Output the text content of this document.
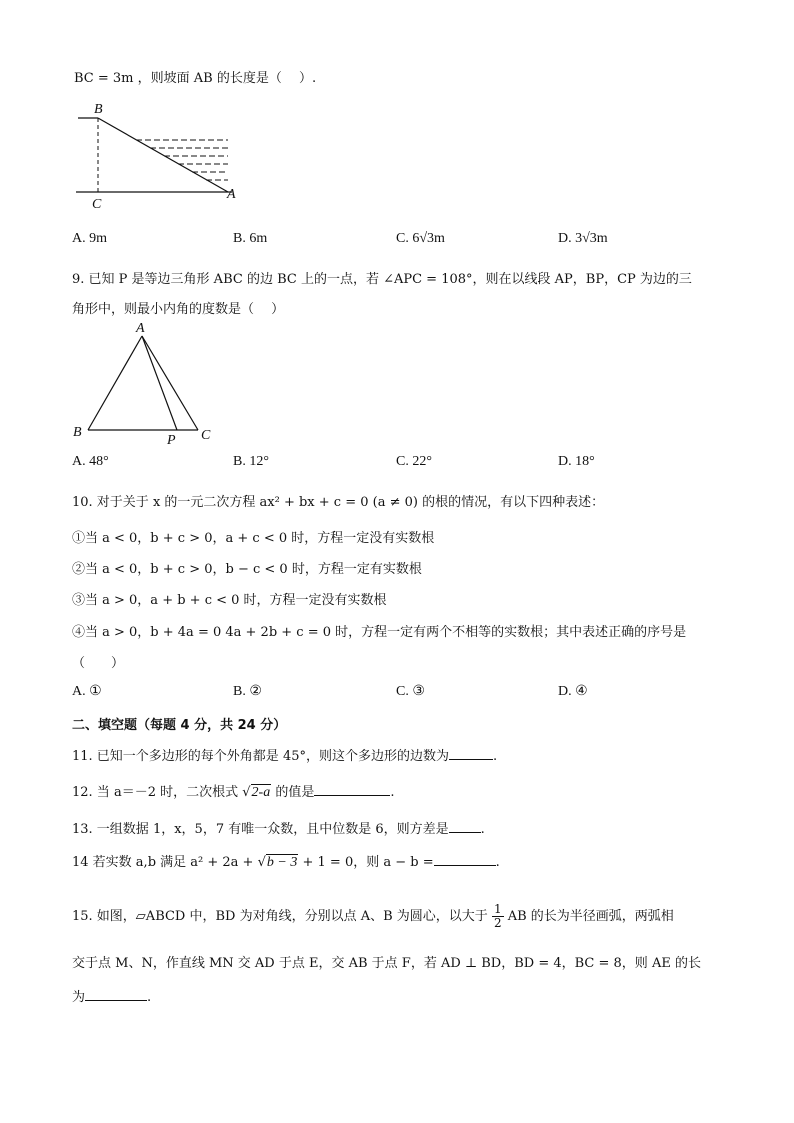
BC = 3m ，则坡面 AB 的长度是（　 ）.
B
C
A
A. 9m	B. 6m	C. 6√3m	D. 3√3m
9. 已知 P 是等边三角形 ABC 的边 BC 上的一点，若 ∠APC = 108°，则在以线段 AP，BP，CP 为边的三
角形中，则最小内角的度数是（　 ）
A
B
P C
A. 48°	B. 12°	C. 22°	D. 18°
10. 对于关于 x 的一元二次方程 ax² + bx + c = 0 (a ≠ 0) 的根的情况，有以下四种表述：
①当 a < 0，b + c > 0，a + c < 0 时，方程一定没有实数根
②当 a < 0，b + c > 0，b − c < 0 时，方程一定有实数根
③当 a > 0，a + b + c < 0 时，方程一定没有实数根
④当 a > 0，b + 4a = 0 4a + 2b + c = 0 时，方程一定有两个不相等的实数根；其中表述正确的序号是
（　　）
A. ①	B. ②	C. ③	D. ④
二、填空题（每题 4 分，共 24 分）
11. 已知一个多边形的每个外角都是 45°，则这个多边形的边数为	.
12. 当 a＝－2 时，二次根式 √2-a 的值是	.
13. 一组数据 1，x，5，7 有唯一众数，且中位数是 6，则方差是 .
14 若实数 a,b 满足 a² + 2a + √b − 3 + 1 = 0，则 a − b =	.
15. 如图，▱ABCD 中，BD 为对角线，分别以点 A、B 为圆心，以大于 $\frac{1}{2}$ AB 的长为半径画弧，两弧相
交于点 M、N，作直线 MN 交 AD 于点 E，交 AB 于点 F，若 AD ⊥ BD，BD = 4，BC = 8，则 AE 的长
为	.
